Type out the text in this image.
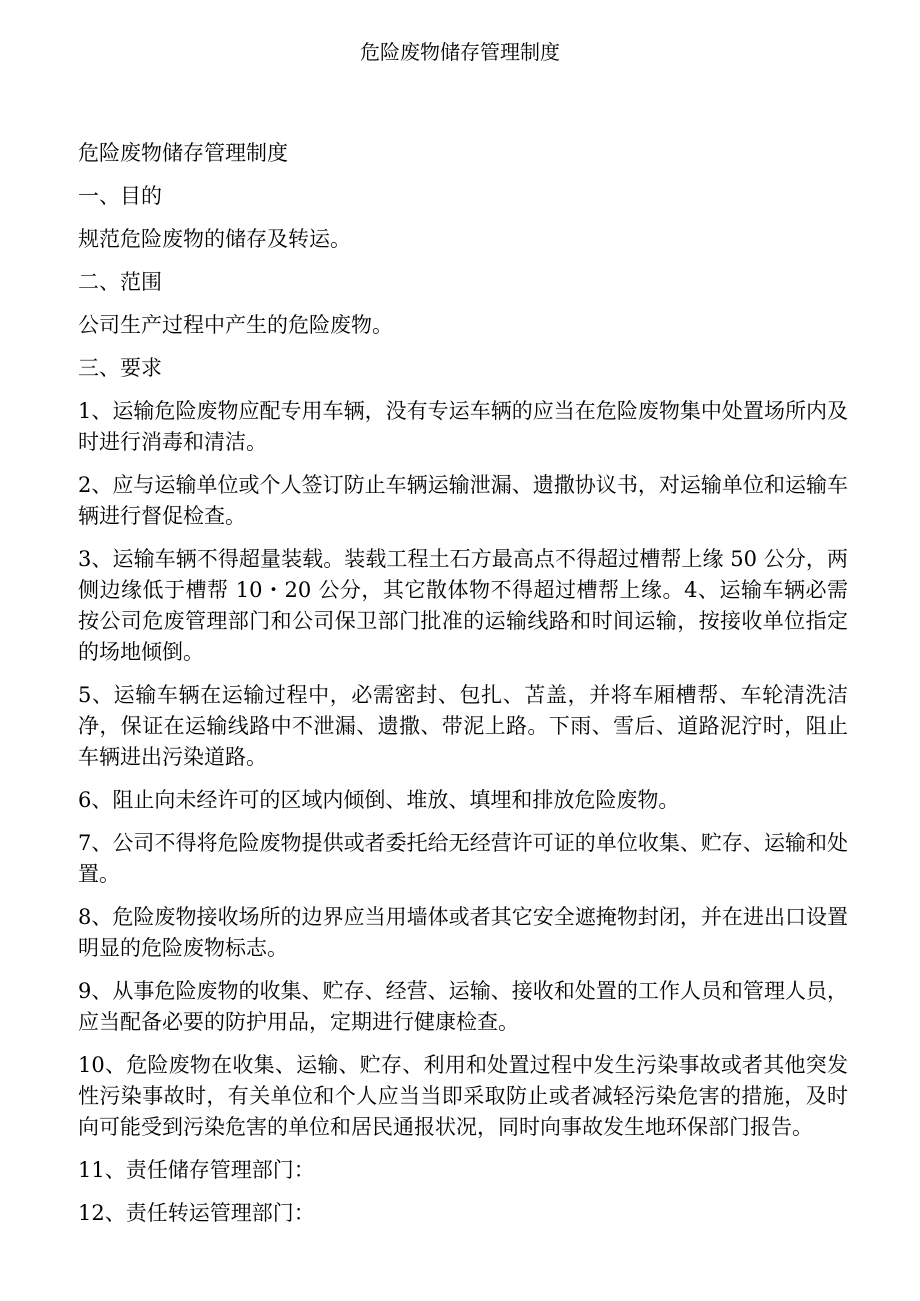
危险废物储存管理制度

危险废物储存管理制度

一、目的

规范危险废物的储存及转运。

二、范围

公司生产过程中产生的危险废物。

三、要求

1、运输危险废物应配专用车辆，没有专运车辆的应当在危险废物集中处置场所内及时进行消毒和清洁。

2、应与运输单位或个人签订防止车辆运输泄漏、遗撒协议书，对运输单位和运输车辆进行督促检查。

3、运输车辆不得超量装载。装载工程土石方最高点不得超过槽帮上缘 50 公分，两侧边缘低于槽帮 10・20 公分，其它散体物不得超过槽帮上缘。4、运输车辆必需按公司危废管理部门和公司保卫部门批准的运输线路和时间运输，按接收单位指定的场地倾倒。

5、运输车辆在运输过程中，必需密封、包扎、苫盖，并将车厢槽帮、车轮清洗洁净，保证在运输线路中不泄漏、遗撒、带泥上路。下雨、雪后、道路泥泞时，阻止车辆进出污染道路。

6、阻止向未经许可的区域内倾倒、堆放、填埋和排放危险废物。

7、公司不得将危险废物提供或者委托给无经营许可证的单位收集、贮存、运输和处置。

8、危险废物接收场所的边界应当用墙体或者其它安全遮掩物封闭，并在进出口设置明显的危险废物标志。

9、从事危险废物的收集、贮存、经营、运输、接收和处置的工作人员和管理人员，应当配备必要的防护用品，定期进行健康检查。

10、危险废物在收集、运输、贮存、利用和处置过程中发生污染事故或者其他突发性污染事故时，有关单位和个人应当当即采取防止或者减轻污染危害的措施，及时向可能受到污染危害的单位和居民通报状况，同时向事故发生地环保部门报告。

11、责任储存管理部门：

12、责任转运管理部门：
